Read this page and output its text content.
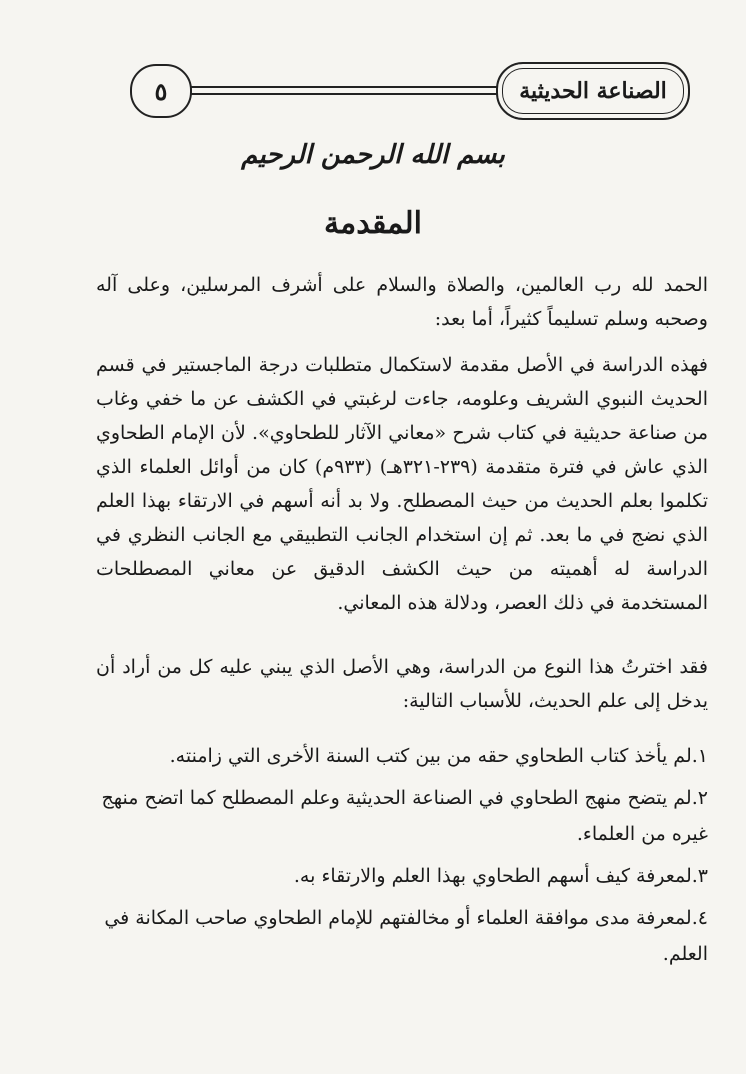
٥	الصناعة الحديثية
بسم الله الرحمن الرحيم
المقدمة

الحمد لله رب العالمين، والصلاة والسلام على أشرف المرسلين، وعلى آله وصحبه وسلم تسليماً كثيراً، أما بعد:

فهذه الدراسة في الأصل مقدمة لاستكمال متطلبات درجة الماجستير في قسم الحديث النبوي الشريف وعلومه، جاءت لرغبتي في الكشف عن ما خفي وغاب من صناعة حديثية في كتاب شرح «معاني الآثار للطحاوي». لأن الإمام الطحاوي الذي عاش في فترة متقدمة (٢٣٩-٣٢١هـ) (٩٣٣م) كان من أوائل العلماء الذي تكلموا بعلم الحديث من حيث المصطلح. ولا بد أنه أسهم في الارتقاء بهذا العلم الذي نضج في ما بعد. ثم إن استخدام الجانب التطبيقي مع الجانب النظري في الدراسة له أهميته من حيث الكشف الدقيق عن معاني المصطلحات المستخدمة في ذلك العصر، ودلالة هذه المعاني.

فقد اخترتُ هذا النوع من الدراسة، وهي الأصل الذي يبني عليه كل من أراد أن يدخل إلى علم الحديث، للأسباب التالية:

١.لم يأخذ كتاب الطحاوي حقه من بين كتب السنة الأخرى التي زامنته.
٢.لم يتضح منهج الطحاوي في الصناعة الحديثية وعلم المصطلح كما اتضح منهج غيره من العلماء.
٣.لمعرفة كيف أسهم الطحاوي بهذا العلم والارتقاء به.
٤.لمعرفة مدى موافقة العلماء أو مخالفتهم للإمام الطحاوي صاحب المكانة في العلم.
